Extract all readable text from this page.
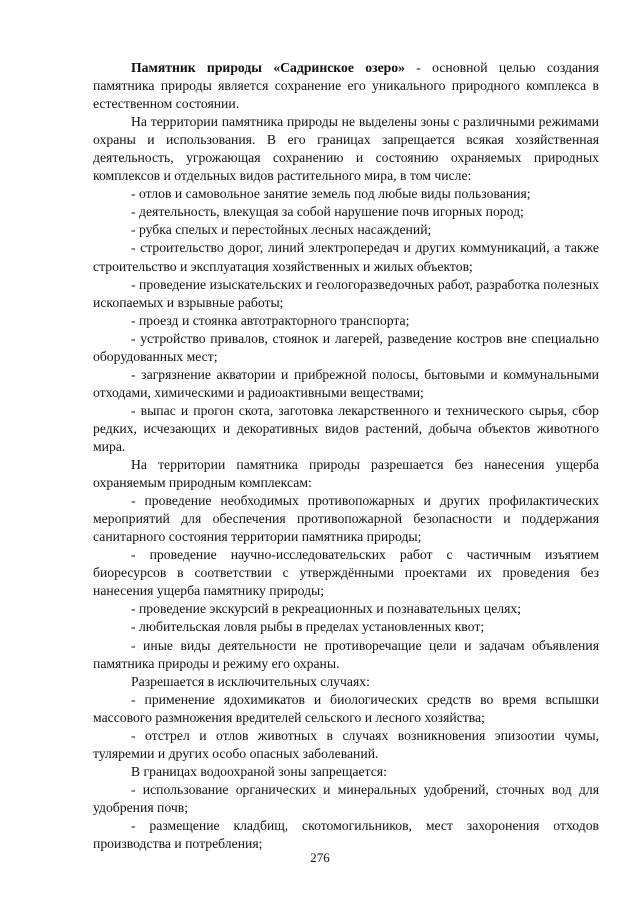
Памятник природы «Садринское озеро» - основной целью создания памятника природы является сохранение его уникального природного комплекса в естественном состоянии.

На территории памятника природы не выделены зоны с различными режимами охраны и использования. В его границах запрещается всякая хозяйственная деятельность, угрожающая сохранению и состоянию охраняемых природных комплексов и отдельных видов растительного мира, в том числе:

- отлов и самовольное занятие земель под любые виды пользования;

- деятельность, влекущая за собой нарушение почв игорных пород;

- рубка спелых и перестойных лесных насаждений;

- строительство дорог, линий электропередач и других коммуникаций, а также строительство и эксплуатация хозяйственных и жилых объектов;

- проведение изыскательских и геологоразведочных работ, разработка полезных ископаемых и взрывные работы;

- проезд и стоянка автотракторного транспорта;

- устройство привалов, стоянок и лагерей, разведение костров вне специально оборудованных мест;

- загрязнение акватории и прибрежной полосы, бытовыми и коммунальными отходами, химическими и радиоактивными веществами;

- выпас и прогон скота, заготовка лекарственного и технического сырья, сбор редких, исчезающих и декоративных видов растений, добыча объектов животного мира.

На территории памятника природы разрешается без нанесения ущерба охраняемым природным комплексам:

- проведение необходимых противопожарных и других профилактических мероприятий для обеспечения противопожарной безопасности и поддержания санитарного состояния территории памятника природы;

- проведение научно-исследовательских работ с частичным изъятием биоресурсов в соответствии с утверждёнными проектами их проведения без нанесения ущерба памятнику природы;

- проведение экскурсий в рекреационных и познавательных целях;

- любительская ловля рыбы в пределах установленных квот;

- иные виды деятельности не противоречащие цели и задачам объявления памятника природы и режиму его охраны.

Разрешается в исключительных случаях:

- применение ядохимикатов и биологических средств во время вспышки массового размножения вредителей сельского и лесного хозяйства;

- отстрел и отлов животных в случаях возникновения эпизоотии чумы, туляремии и других особо опасных заболеваний.

В границах водоохраной зоны запрещается:

- использование органических и минеральных удобрений, сточных вод для удобрения почв;

- размещение кладбищ, скотомогильников, мест захоронения отходов производства и потребления;

276
